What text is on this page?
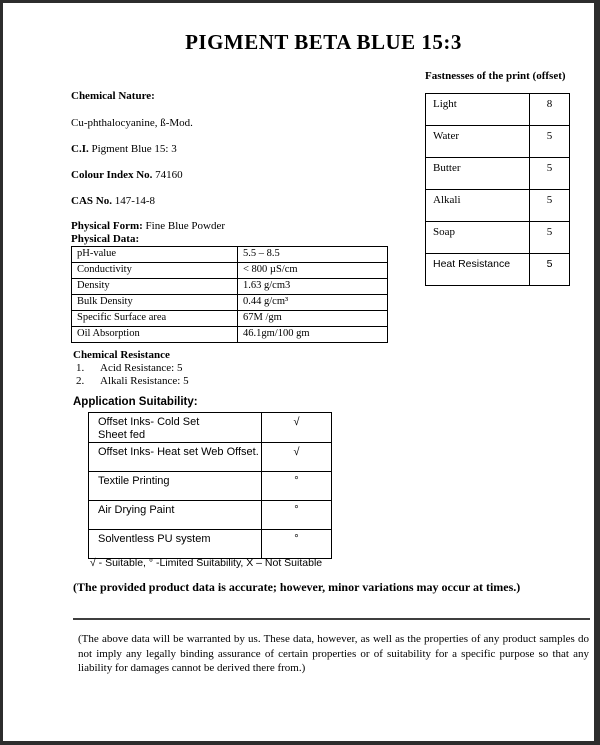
PIGMENT BETA BLUE 15:3
Fastnesses of the print (offset)
Light	8
Water	5
Butter	5
Alkali	5
Soap	5
Heat Resistance	5
Chemical Nature:
Cu-phthalocyanine, ß-Mod.
C.I. Pigment Blue 15: 3
Colour Index No. 74160
CAS No. 147-14-8
Physical Form: Fine Blue Powder
Physical Data:
pH-value	5.5 – 8.5
Conductivity	< 800 µS/cm
Density	1.63 g/cm3
Bulk Density	0.44 g/cm³
Specific Surface area	67M /gm
Oil Absorption	46.1gm/100 gm
Chemical Resistance
1. Acid Resistance: 5
2. Alkali Resistance: 5
Application Suitability:
Offset Inks- Cold Set
Sheet fed	√

Offset Inks- Heat set Web Offset.	√

Textile Printing	°

Air Drying Paint	°

Solventless PU system	°
√ - Suitable, ° -Limited Suitability, X – Not Suitable
(The provided product data is accurate; however, minor variations may occur at times.)
(The above data will be warranted by us. These data, however, as well as the properties of any product samples do not imply any legally binding assurance of certain properties or of suitability for a specific purpose so that any liability for damages cannot be derived there from.)
